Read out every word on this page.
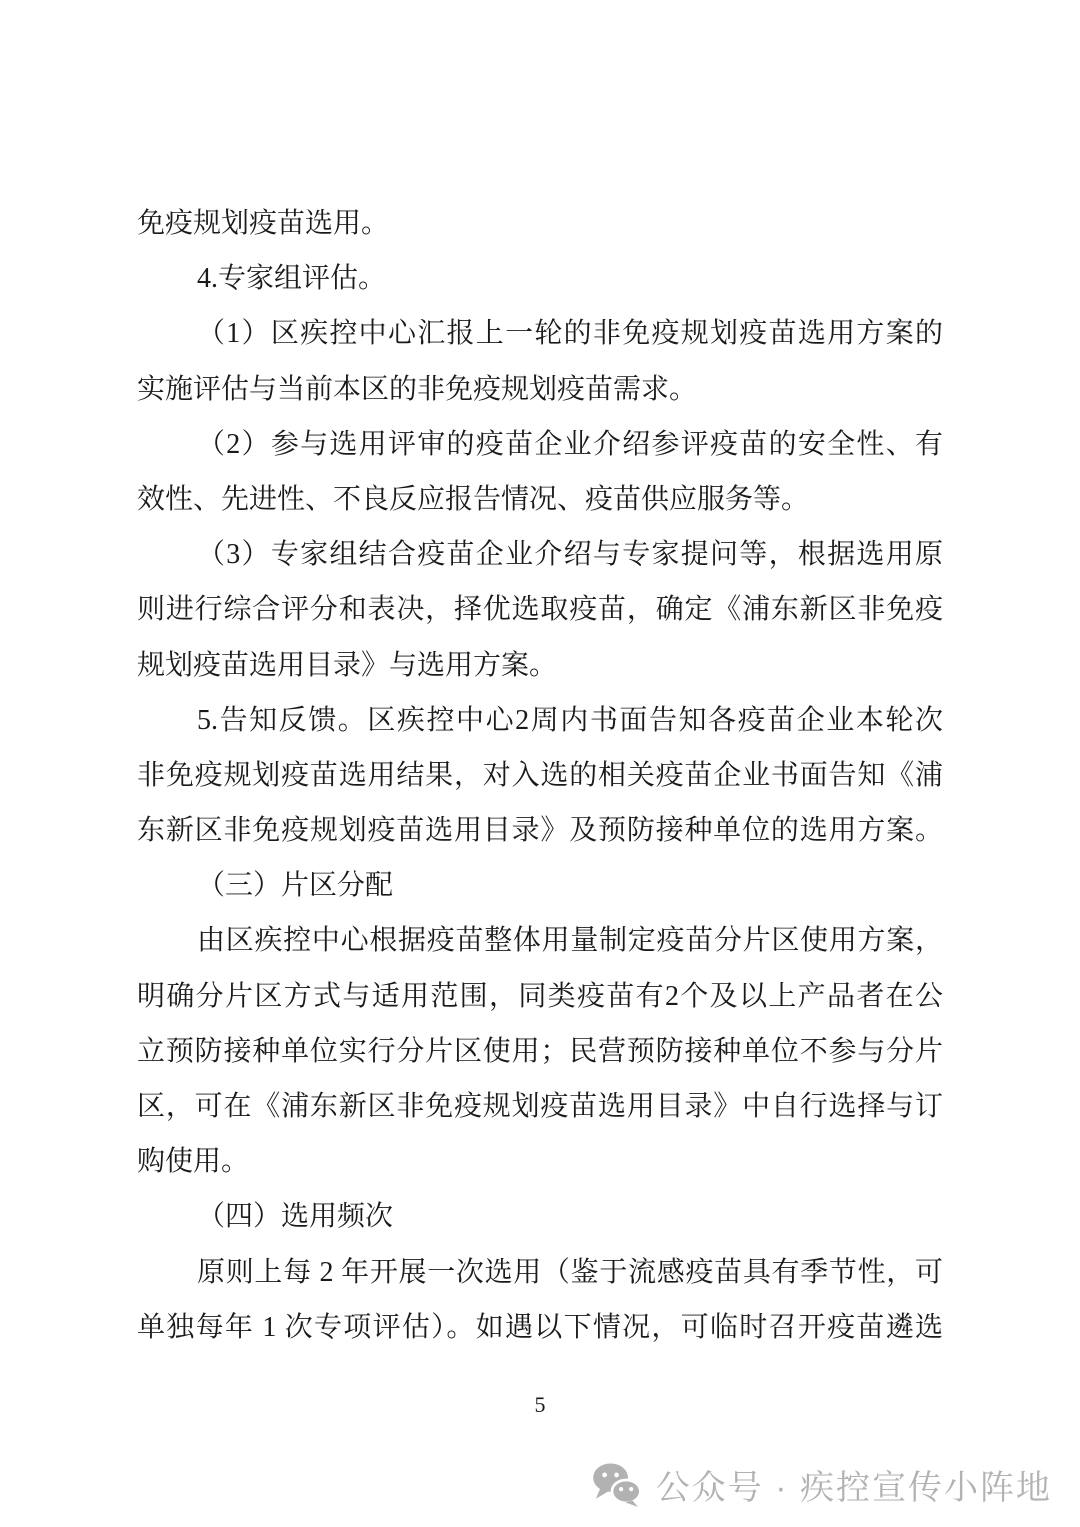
免疫规划疫苗选用。
4.专家组评估。
（1）区疾控中心汇报上一轮的非免疫规划疫苗选用方案的
实施评估与当前本区的非免疫规划疫苗需求。
（2）参与选用评审的疫苗企业介绍参评疫苗的安全性、有
效性、先进性、不良反应报告情况、疫苗供应服务等。
（3）专家组结合疫苗企业介绍与专家提问等，根据选用原
则进行综合评分和表决，择优选取疫苗，确定《浦东新区非免疫
规划疫苗选用目录》与选用方案。
5.告知反馈。区疾控中心2周内书面告知各疫苗企业本轮次
非免疫规划疫苗选用结果，对入选的相关疫苗企业书面告知《浦
东新区非免疫规划疫苗选用目录》及预防接种单位的选用方案。
（三）片区分配
由区疾控中心根据疫苗整体用量制定疫苗分片区使用方案，
明确分片区方式与适用范围，同类疫苗有2个及以上产品者在公
立预防接种单位实行分片区使用；民营预防接种单位不参与分片
区，可在《浦东新区非免疫规划疫苗选用目录》中自行选择与订
购使用。
（四）选用频次
原则上每 2 年开展一次选用（鉴于流感疫苗具有季节性，可
单独每年 1 次专项评估）。如遇以下情况，可临时召开疫苗遴选
5
公众号 · 疾控宣传小阵地
